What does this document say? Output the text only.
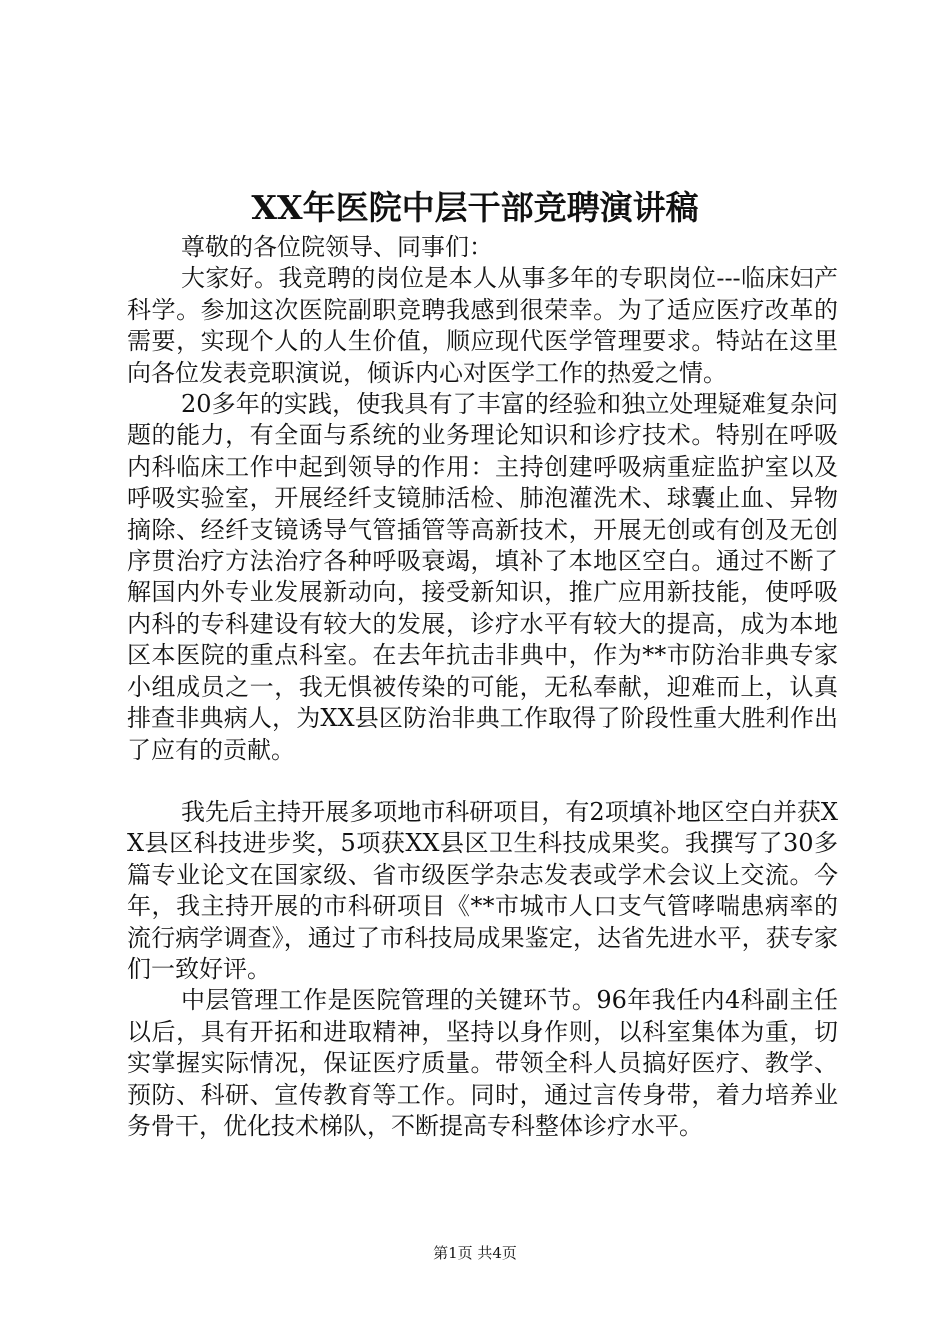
XX年医院中层干部竞聘演讲稿

尊敬的各位院领导、同事们：

大家好。我竞聘的岗位是本人从事多年的专职岗位---临床妇产科学。参加这次医院副职竞聘我感到很荣幸。为了适应医疗改革的需要，实现个人的人生价值，顺应现代医学管理要求。特站在这里向各位发表竞职演说，倾诉内心对医学工作的热爱之情。

20多年的实践，使我具有了丰富的经验和独立处理疑难复杂问题的能力，有全面与系统的业务理论知识和诊疗技术。特别在呼吸内科临床工作中起到领导的作用：主持创建呼吸病重症监护室以及呼吸实验室，开展经纤支镜肺活检、肺泡灌洗术、球囊止血、异物摘除、经纤支镜诱导气管插管等高新技术，开展无创或有创及无创序贯治疗方法治疗各种呼吸衰竭，填补了本地区空白。通过不断了解国内外专业发展新动向，接受新知识，推广应用新技能，使呼吸内科的专科建设有较大的发展，诊疗水平有较大的提高，成为本地区本医院的重点科室。在去年抗击非典中，作为**市防治非典专家小组成员之一，我无惧被传染的可能，无私奉献，迎难而上，认真排查非典病人，为XX县区防治非典工作取得了阶段性重大胜利作出了应有的贡献。

我先后主持开展多项地市科研项目，有2项填补地区空白并获XX县区科技进步奖，5项获XX县区卫生科技成果奖。我撰写了30多篇专业论文在国家级、省市级医学杂志发表或学术会议上交流。今年，我主持开展的市科研项目《**市城市人口支气管哮喘患病率的流行病学调查》，通过了市科技局成果鉴定，达省先进水平，获专家们一致好评。

中层管理工作是医院管理的关键环节。96年我任内4科副主任以后，具有开拓和进取精神，坚持以身作则，以科室集体为重，切实掌握实际情况，保证医疗质量。带领全科人员搞好医疗、教学、预防、科研、宣传教育等工作。同时，通过言传身带，着力培养业务骨干，优化技术梯队，不断提高专科整体诊疗水平。

第1页 共4页
